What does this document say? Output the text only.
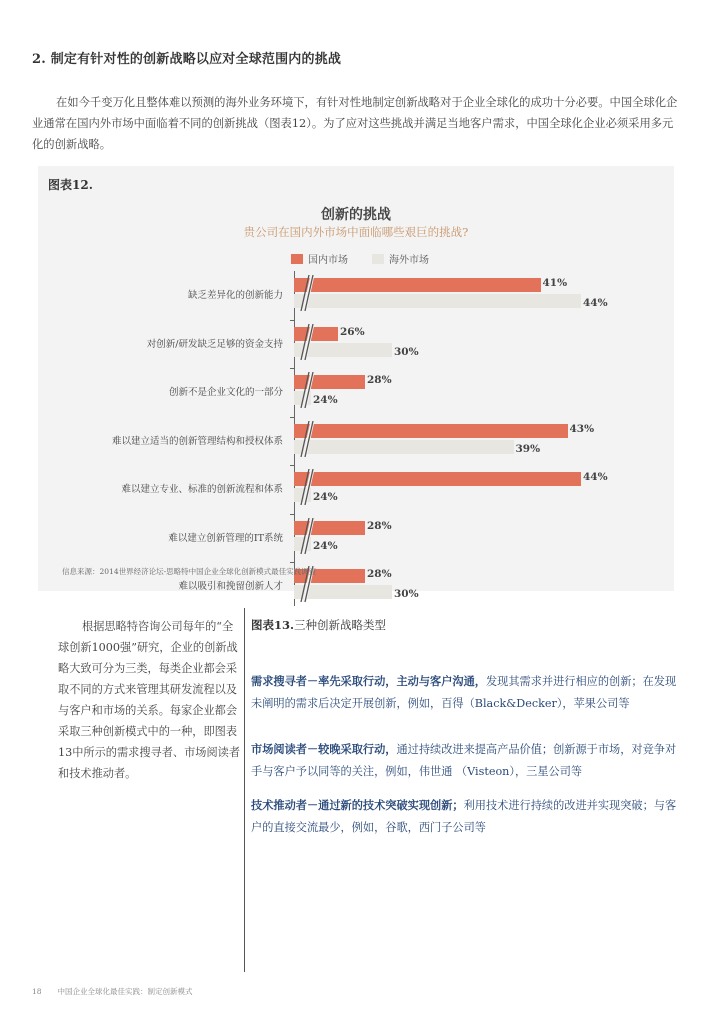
2. 制定有针对性的创新战略以应对全球范围内的挑战
在如今千变万化且整体难以预测的海外业务环境下，有针对性地制定创新战略对于企业全球化的成功十分必要。中国全球化企业通常在国内外市场中面临着不同的创新挑战（图表12）。为了应对这些挑战并满足当地客户需求，中国全球化企业必须采用多元化的创新战略。
图表12.
创新的挑战
贵公司在国内外市场中面临哪些艰巨的挑战?
国内市场	海外市场
缺乏差异化的创新能力
41%
44%
对创新/研发缺乏足够的资金支持
26%
30%
创新不是企业文化的一部分
28%
24%
难以建立适当的创新管理结构和授权体系
43%
39%
难以建立专业、标准的创新流程和体系
44%
24%
难以建立创新管理的IT系统
28%
24%
难以吸引和挽留创新人才
28%
30%
信息来源：2014世界经济论坛-思略特中国企业全球化创新模式最佳实践调查
根据思略特咨询公司每年的“全球创新1000强”研究，企业的创新战略大致可分为三类，每类企业都会采取不同的方式来管理其研发流程以及与客户和市场的关系。每家企业都会采取三种创新模式中的一种，即图表13中所示的需求搜寻者、市场阅读者和技术推动者。
图表13.三种创新战略类型
需求搜寻者－率先采取行动，主动与客户沟通，发现其需求并进行相应的创新；在发现未阐明的需求后决定开展创新，例如，百得（Black&Decker），苹果公司等
市场阅读者－较晚采取行动，通过持续改进来提高产品价值；创新源于市场，对竞争对手与客户予以同等的关注，例如，伟世通 （Visteon），三星公司等
技术推动者－通过新的技术突破实现创新；利用技术进行持续的改进并实现突破；与客户的直接交流最少，例如，谷歌，西门子公司等
18 中国企业全球化最佳实践：制定创新模式
